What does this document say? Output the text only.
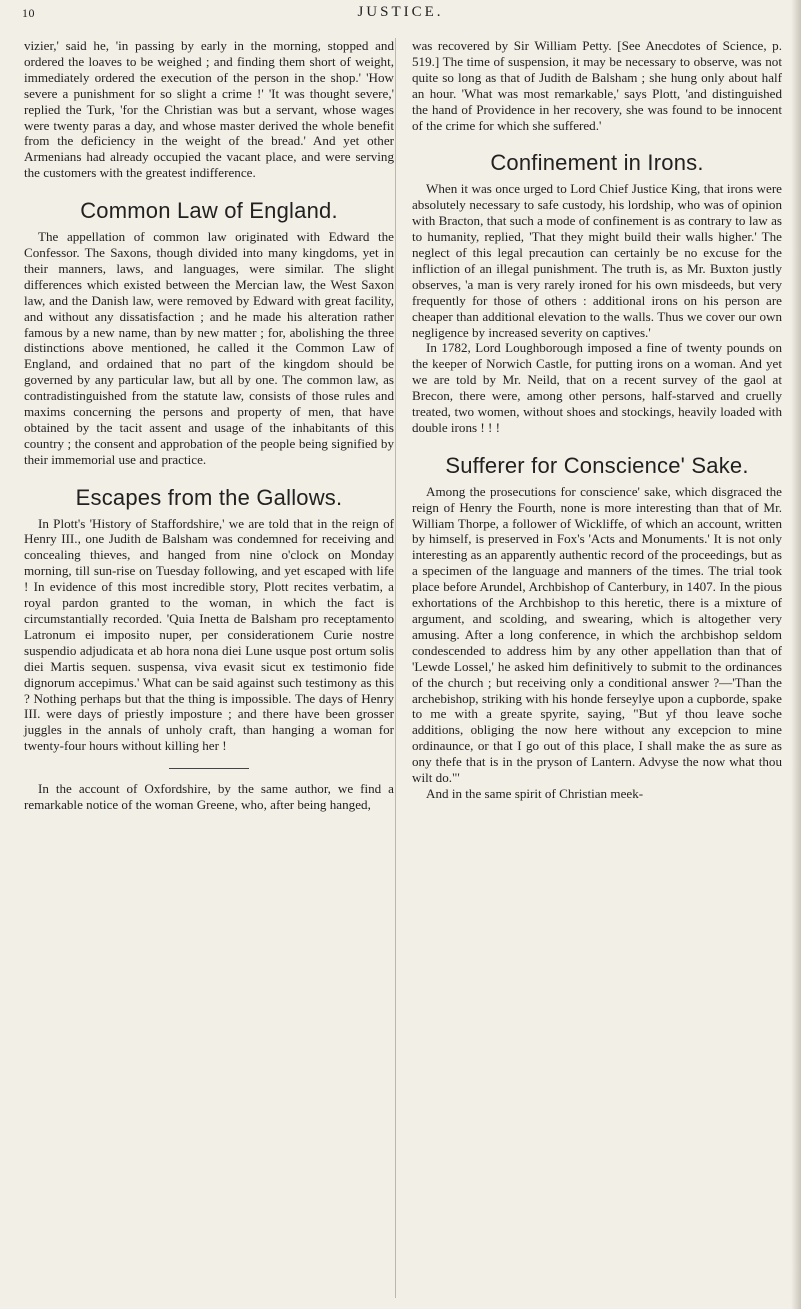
10	JUSTICE.

vizier,' said he, 'in passing by early in the morning, stopped and ordered the loaves to be weighed ; and finding them short of weight, immediately ordered the execution of the person in the shop.' 'How severe a punishment for so slight a crime !' 'It was thought severe,' replied the Turk, 'for the Christian was but a servant, whose wages were twenty paras a day, and whose master derived the whole benefit from the deficiency in the weight of the bread.' And yet other Armenians had already occupied the vacant place, and were serving the customers with the greatest indifference.

Common Law of England.

The appellation of common law originated with Edward the Confessor. The Saxons, though divided into many kingdoms, yet in their manners, laws, and languages, were similar. The slight differences which existed between the Mercian law, the West Saxon law, and the Danish law, were removed by Edward with great facility, and without any dissatisfaction ; and he made his alteration rather famous by a new name, than by new matter ; for, abolishing the three distinctions above mentioned, he called it the Common Law of England, and ordained that no part of the kingdom should be governed by any particular law, but all by one. The common law, as contradistinguished from the statute law, consists of those rules and maxims concerning the persons and property of men, that have obtained by the tacit assent and usage of the inhabitants of this country ; the consent and approbation of the people being signified by their immemorial use and practice.

Escapes from the Gallows.

In Plott's 'History of Staffordshire,' we are told that in the reign of Henry III., one Judith de Balsham was condemned for receiving and concealing thieves, and hanged from nine o'clock on Monday morning, till sun-rise on Tuesday following, and yet escaped with life ! In evidence of this most incredible story, Plott recites verbatim, a royal pardon granted to the woman, in which the fact is circumstantially recorded. 'Quia Inetta de Balsham pro receptamento Latronum ei imposito nuper, per considerationem Curie nostre suspendio adjudicata et ab hora nona diei Lune usque post ortum solis diei Martis sequen. suspensa, viva evasit sicut ex testimonio fide dignorum accepimus.' What can be said against such testimony as this ? Nothing perhaps but that the thing is impossible. The days of Henry III. were days of priestly imposture ; and there have been grosser juggles in the annals of unholy craft, than hanging a woman for twenty-four hours without killing her !

In the account of Oxfordshire, by the same author, we find a remarkable notice of the woman Greene, who, after being hanged,

was recovered by Sir William Petty. [See Anecdotes of Science, p. 519.] The time of suspension, it may be necessary to observe, was not quite so long as that of Judith de Balsham ; she hung only about half an hour. 'What was most remarkable,' says Plott, 'and distinguished the hand of Providence in her recovery, she was found to be innocent of the crime for which she suffered.'

Confinement in Irons.

When it was once urged to Lord Chief Justice King, that irons were absolutely necessary to safe custody, his lordship, who was of opinion with Bracton, that such a mode of confinement is as contrary to law as to humanity, replied, 'That they might build their walls higher.' The neglect of this legal precaution can certainly be no excuse for the infliction of an illegal punishment. The truth is, as Mr. Buxton justly observes, 'a man is very rarely ironed for his own misdeeds, but very frequently for those of others : additional irons on his person are cheaper than additional elevation to the walls. Thus we cover our own negligence by increased severity on captives.'

In 1782, Lord Loughborough imposed a fine of twenty pounds on the keeper of Norwich Castle, for putting irons on a woman. And yet we are told by Mr. Neild, that on a recent survey of the gaol at Brecon, there were, among other persons, half-starved and cruelly treated, two women, without shoes and stockings, heavily loaded with double irons ! ! !

Sufferer for Conscience' Sake.

Among the prosecutions for conscience' sake, which disgraced the reign of Henry the Fourth, none is more interesting than that of Mr. William Thorpe, a follower of Wickliffe, of which an account, written by himself, is preserved in Fox's 'Acts and Monuments.' It is not only interesting as an apparently authentic record of the proceedings, but as a specimen of the language and manners of the times. The trial took place before Arundel, Archbishop of Canterbury, in 1407. In the pious exhortations of the Archbishop to this heretic, there is a mixture of argument, and scolding, and swearing, which is altogether very amusing. After a long conference, in which the archbishop seldom condescended to address him by any other appellation than that of 'Lewde Lossel,' he asked him definitively to submit to the ordinances of the church ; but receiving only a conditional answer ?—'Than the archebishop, striking with his honde ferseylye upon a cupborde, spake to me with a greate spyrite, saying, "But yf thou leave soche additions, obliging the now here without any excepcion to mine ordinaunce, or that I go out of this place, I shall make the as sure as ony thefe that is in the pryson of Lantern. Advyse the now what thou wilt do."'

And in the same spirit of Christian meek-
